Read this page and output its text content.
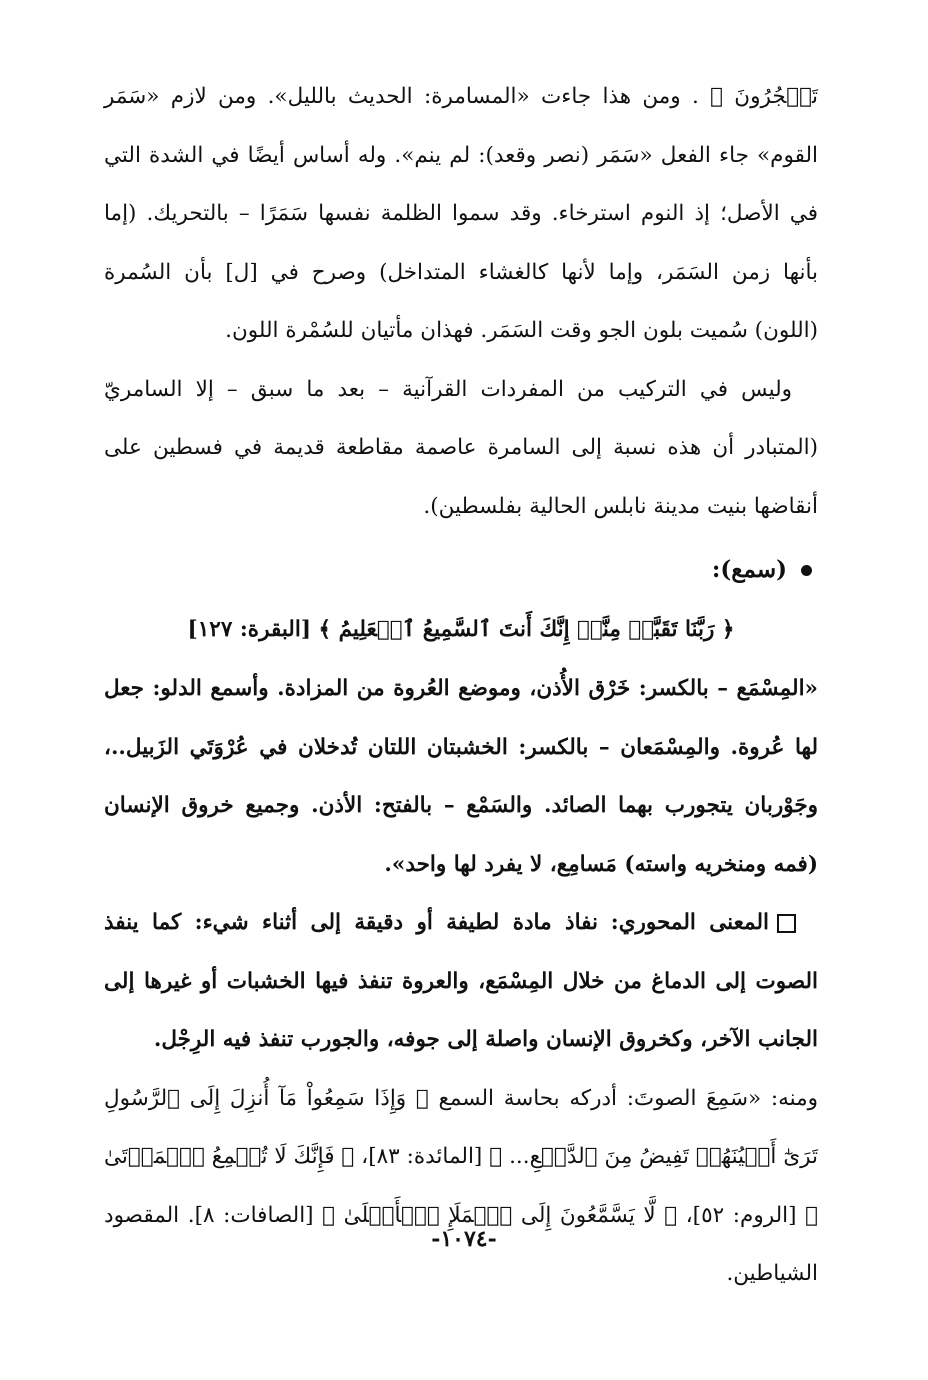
تَهۡجُرُونَ ﴾ . ومن هذا جاءت «المسامرة: الحديث بالليل». ومن لازم «سَمَر القوم» جاء الفعل «سَمَر (نصر وقعد): لم ينم». وله أساس أيضًا في الشدة التي في الأصل؛ إذ النوم استرخاء. وقد سموا الظلمة نفسها سَمَرًا – بالتحريك. (إما بأنها زمن السَمَر، وإما لأنها كالغشاء المتداخل) وصرح في [ل] بأن السُمرة (اللون) سُميت بلون الجو وقت السَمَر. فهذان مأتيان للسُمْرة اللون.

وليس في التركيب من المفردات القرآنية – بعد ما سبق – إلا السامريّ (المتبادر أن هذه نسبة إلى السامرة عاصمة مقاطعة قديمة في فسطين على أنقاضها بنيت مدينة نابلس الحالية بفلسطين).

(سمع):

﴿ رَبَّنَا تَقَبَّلۡ مِنَّآۖ إِنَّكَ أَنتَ ٱلسَّمِيعُ ٱلۡعَلِيمُ ﴾ [البقرة: ١٢٧]

«المِسْمَع – بالكسر: خَرْق الأُذن، وموضع العُروة من المزادة. وأسمع الدلو: جعل لها عُروة. والمِسْمَعان – بالكسر: الخشبتان اللتان تُدخلان في عُرْوَتَي الزَبيل..، وجَوْربان يتجورب بهما الصائد. والسَمْع – بالفتح: الأذن. وجميع خروق الإنسان (فمه ومنخريه واسته) مَسامِع، لا يفرد لها واحد».

المعنى المحوري: نفاذ مادة لطيفة أو دقيقة إلى أثناء شيء: كما ينفذ الصوت إلى الدماغ من خلال المِسْمَع، والعروة تنفذ فيها الخشبات أو غيرها إلى الجانب الآخر، وكخروق الإنسان واصلة إلى جوفه، والجورب تنفذ فيه الرِجْل.

ومنه: «سَمِعَ الصوتَ: أدركه بحاسة السمع ﴿ وَإِذَا سَمِعُواْ مَآ أُنزِلَ إِلَى ٱلرَّسُولِ تَرَىٰٓ أَعۡيُنَهُمۡ تَفِيضُ مِنَ ٱلدَّمۡعِ... ﴾ [المائدة: ٨٣]، ﴿ فَإِنَّكَ لَا تُسۡمِعُ ٱلۡمَوۡتَىٰ ﴾ [الروم: ٥٢]، ﴿ لَّا يَسَّمَّعُونَ إِلَى ٱلۡمَلَإِ ٱلۡأَعۡلَىٰ ﴾ [الصافات: ٨]. المقصود الشياطين.

-١٠٧٤-
